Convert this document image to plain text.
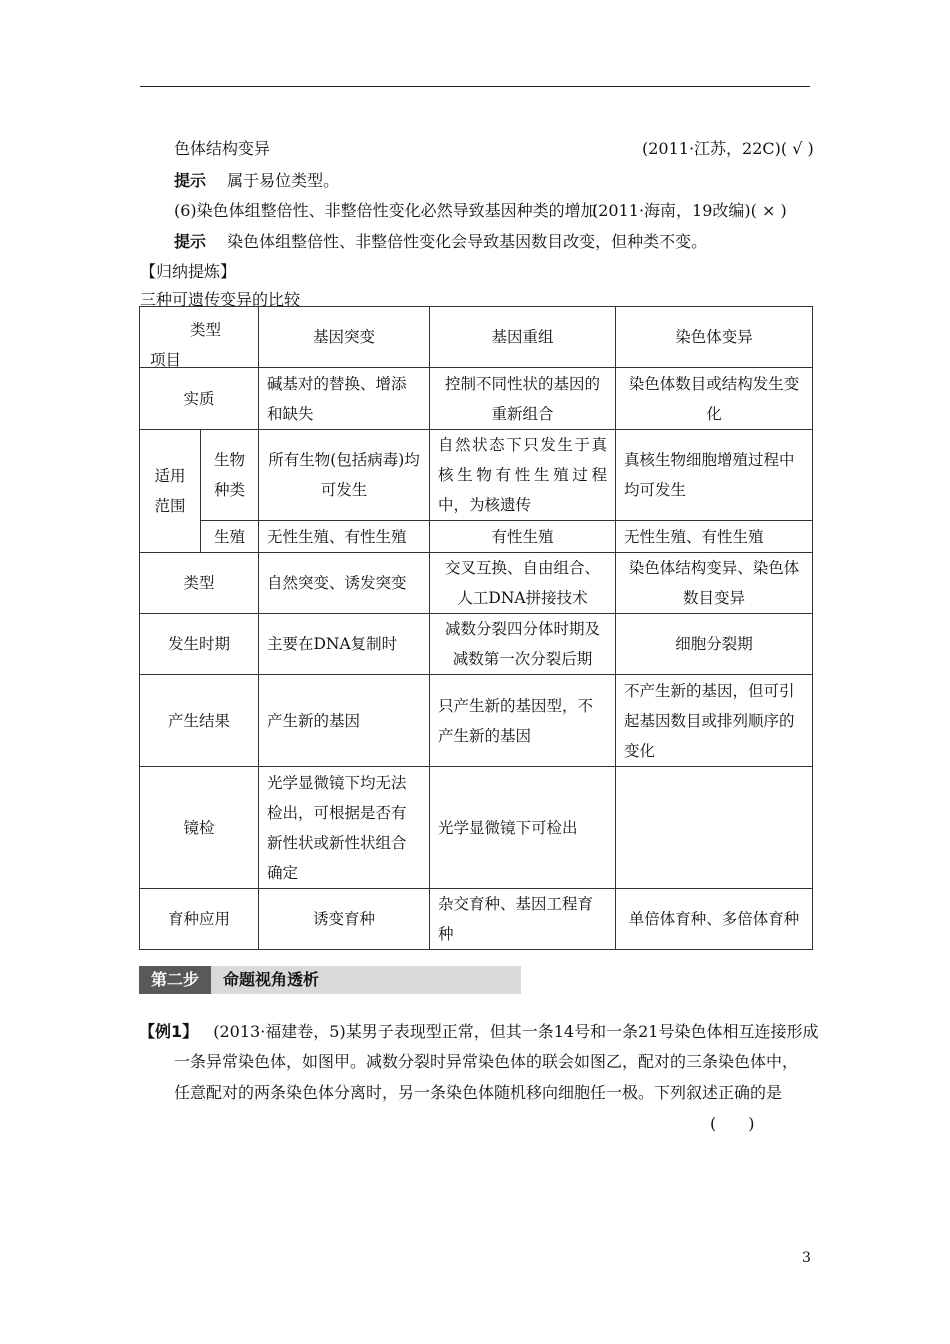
色体结构变异	(2011·江苏，22C)( √ )
提示 属于易位类型。
(6)染色体组整倍性、非整倍性变化必然导致基因种类的增加
(2011·海南，19改编)( × )
提示 染色体组整倍性、非整倍性变化会导致基因数目改变，但种类不变。
【归纳提炼】
三种可遗传变异的比较
类型
项目		基因突变	基因重组	染色体变异
实质		碱基对的替换、增添和缺失	控制不同性状的基因的重新组合	染色体数目或结构发生变化
适用范围	生物种类	所有生物(包括病毒)均可发生	自然状态下只发生于真核生物有性生殖过程中，为核遗传	真核生物细胞增殖过程中均可发生
	生殖	无性生殖、有性生殖	有性生殖	无性生殖、有性生殖
类型		自然突变、诱发突变	交叉互换、自由组合、人工DNA拼接技术	染色体结构变异、染色体数目变异
发生时期		主要在DNA复制时	减数分裂四分体时期及减数第一次分裂后期	细胞分裂期
产生结果		产生新的基因	只产生新的基因型，不产生新的基因	不产生新的基因，但可引起基因数目或排列顺序的变化
镜检		光学显微镜下均无法检出，可根据是否有新性状或新性状组合确定	光学显微镜下可检出	
育种应用		诱变育种	杂交育种、基因工程育种	单倍体育种、多倍体育种
第二步	命题视角透析
【例1】 (2013·福建卷，5)某男子表现型正常，但其一条14号和一条21号染色体相互连接形成
一条异常染色体，如图甲。减数分裂时异常染色体的联会如图乙，配对的三条染色体中，
任意配对的两条染色体分离时，另一条染色体随机移向细胞任一极。下列叙述正确的是
(　　)
3
